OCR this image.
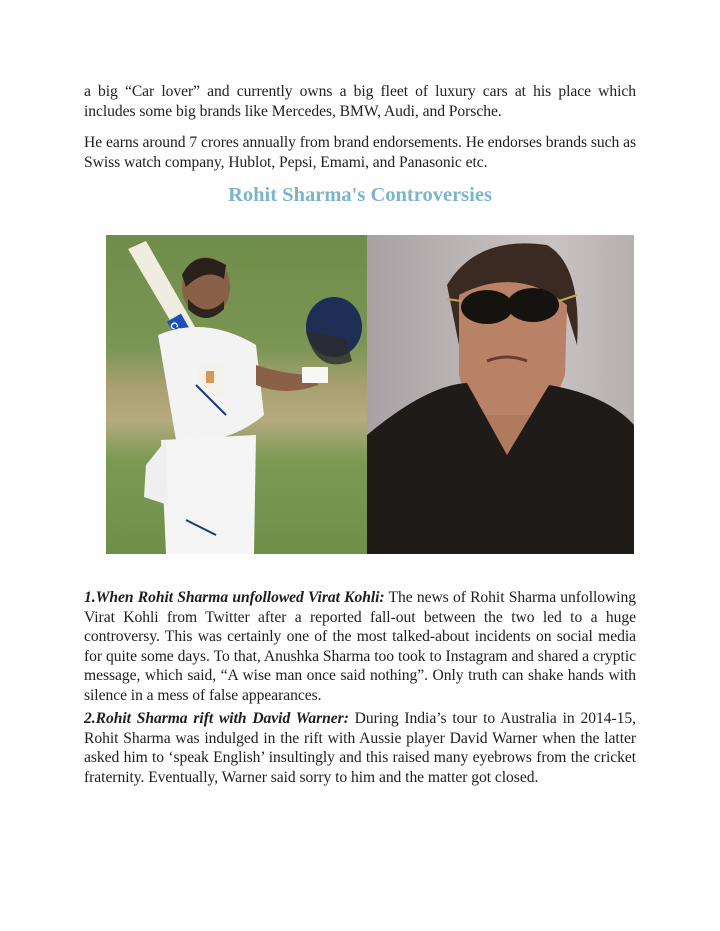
a big “Car lover” and currently owns a big fleet of luxury cars at his place which includes some big brands like Mercedes, BMW, Audi, and Porsche.

He earns around 7 crores annually from brand endorsements. He endorses brands such as Swiss watch company, Hublot, Pepsi, Emami, and Panasonic etc.

Rohit Sharma's Controversies

1.When Rohit Sharma unfollowed Virat Kohli: The news of Rohit Sharma unfollowing Virat Kohli from Twitter after a reported fall-out between the two led to a huge controversy. This was certainly one of the most talked-about incidents on social media for quite some days. To that, Anushka Sharma too took to Instagram and shared a cryptic message, which said, “A wise man once said nothing”. Only truth can shake hands with silence in a mess of false appearances.

2.Rohit Sharma rift with David Warner: During India’s tour to Australia in 2014-15, Rohit Sharma was indulged in the rift with Aussie player David Warner when the latter asked him to ‘speak English’ insultingly and this raised many eyebrows from the cricket fraternity. Eventually, Warner said sorry to him and the matter got closed.
